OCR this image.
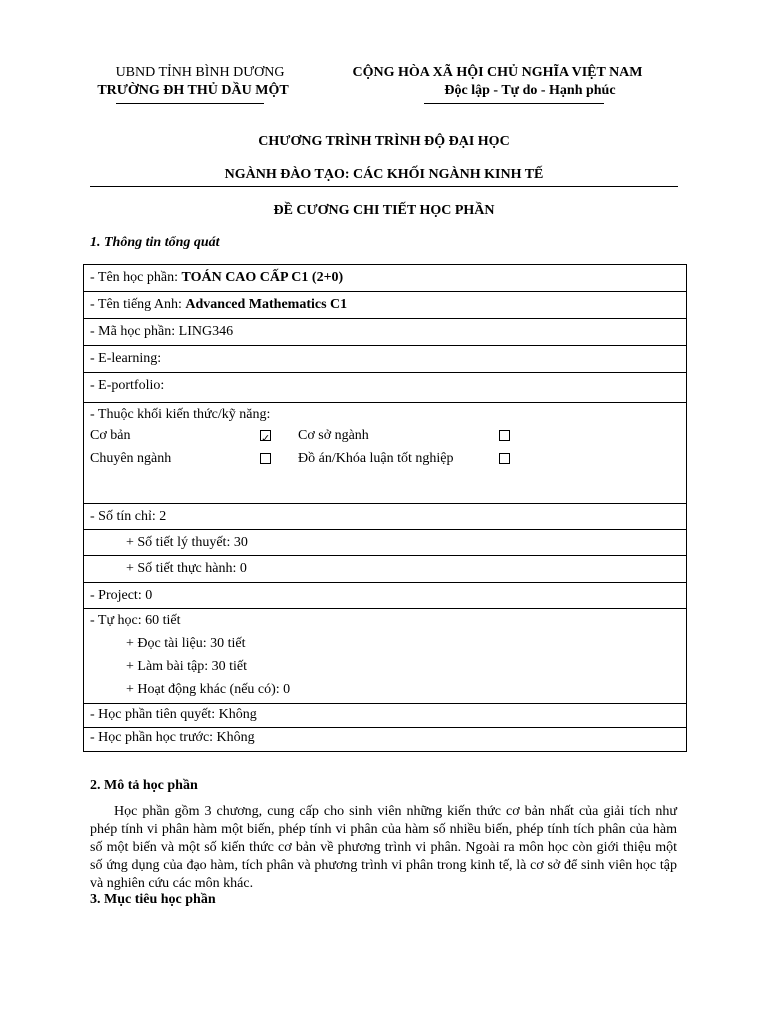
UBND TỈNH BÌNH DƯƠNG
TRƯỜNG ĐH THỦ DẦU MỘT
CỘNG HÒA XÃ HỘI CHỦ NGHĨA VIỆT NAM
Độc lập - Tự do - Hạnh phúc
CHƯƠNG TRÌNH TRÌNH ĐỘ ĐẠI HỌC
NGÀNH ĐÀO TẠO: CÁC KHỐI NGÀNH KINH TẾ
ĐỀ CƯƠNG CHI TIẾT HỌC PHẦN
1. Thông tin tổng quát
- Tên học phần: TOÁN CAO CẤP C1 (2+0)
- Tên tiếng Anh: Advanced Mathematics C1
- Mã học phần: LING346
- E-learning:
- E-portfolio:
- Thuộc khối kiến thức/kỹ năng:
Cơ bản
✓	Cơ sở ngành
Chuyên ngành	Đồ án/Khóa luận tốt nghiệp
- Số tín chỉ: 2
+ Số tiết lý thuyết: 30
+ Số tiết thực hành: 0
- Project: 0
- Tự học: 60 tiết
+ Đọc tài liệu: 30 tiết
+ Làm bài tập: 30 tiết
+ Hoạt động khác (nếu có): 0
- Học phần tiên quyết: Không
- Học phần học trước: Không
2. Mô tả học phần
Học phần gồm 3 chương, cung cấp cho sinh viên những kiến thức cơ bản nhất của giải tích như phép tính vi phân hàm một biến, phép tính vi phân của hàm số nhiều biến, phép tính tích phân của hàm số một biến và một số kiến thức cơ bản về phương trình vi phân. Ngoài ra môn học còn giới thiệu một số ứng dụng của đạo hàm, tích phân và phương trình vi phân trong kinh tế, là cơ sở để sinh viên học tập và nghiên cứu các môn khác.
3. Mục tiêu học phần
